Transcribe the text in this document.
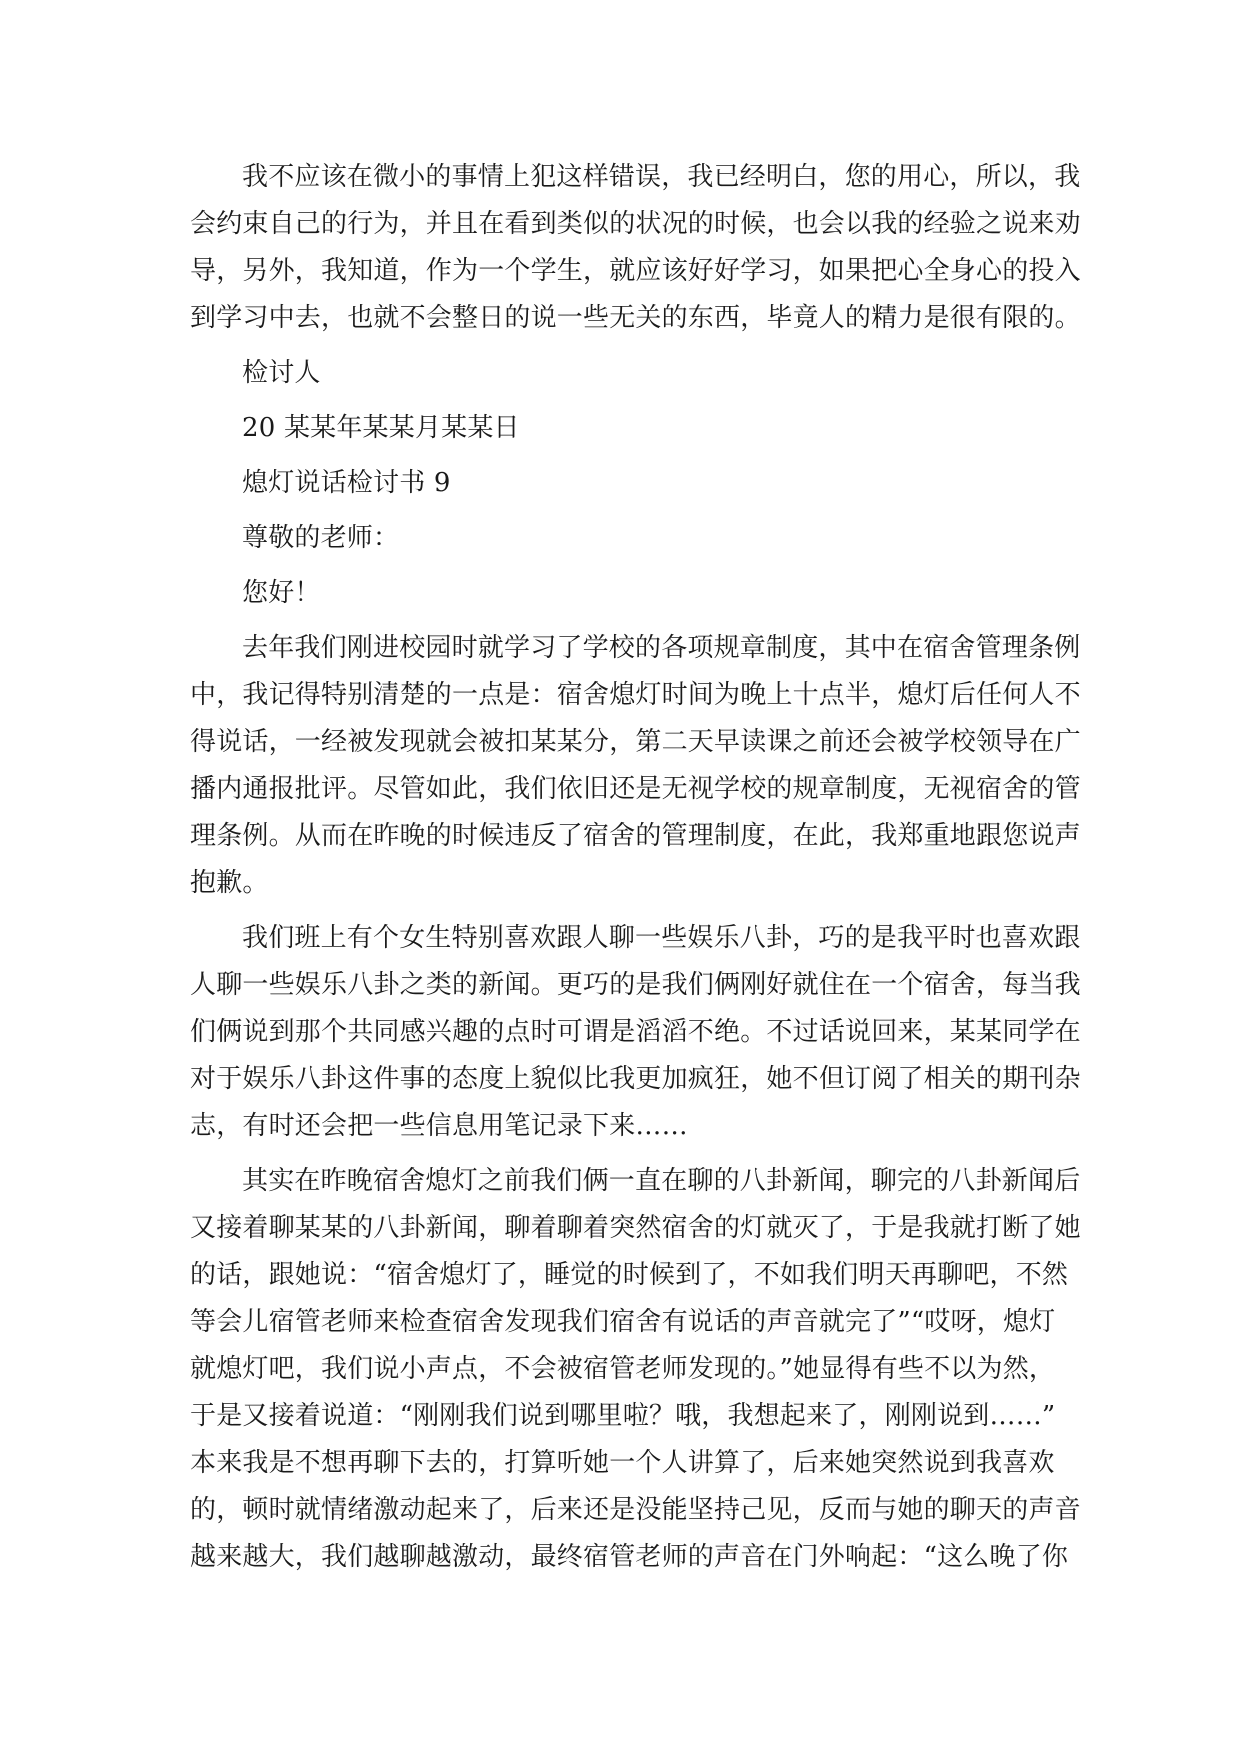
我不应该在微小的事情上犯这样错误，我已经明白，您的用心，所以，我
会约束自己的行为，并且在看到类似的状况的时候，也会以我的经验之说来劝
导，另外，我知道，作为一个学生，就应该好好学习，如果把心全身心的投入
到学习中去，也就不会整日的说一些无关的东西，毕竟人的精力是很有限的。
检讨人
20 某某年某某月某某日
熄灯说话检讨书 9
尊敬的老师：
您好！
去年我们刚进校园时就学习了学校的各项规章制度，其中在宿舍管理条例
中，我记得特别清楚的一点是：宿舍熄灯时间为晚上十点半，熄灯后任何人不
得说话，一经被发现就会被扣某某分，第二天早读课之前还会被学校领导在广
播内通报批评。尽管如此，我们依旧还是无视学校的规章制度，无视宿舍的管
理条例。从而在昨晚的时候违反了宿舍的管理制度，在此，我郑重地跟您说声
抱歉。
我们班上有个女生特别喜欢跟人聊一些娱乐八卦，巧的是我平时也喜欢跟
人聊一些娱乐八卦之类的新闻。更巧的是我们俩刚好就住在一个宿舍，每当我
们俩说到那个共同感兴趣的点时可谓是滔滔不绝。不过话说回来，某某同学在
对于娱乐八卦这件事的态度上貌似比我更加疯狂，她不但订阅了相关的期刊杂
志，有时还会把一些信息用笔记录下来……
其实在昨晚宿舍熄灯之前我们俩一直在聊的八卦新闻，聊完的八卦新闻后
又接着聊某某的八卦新闻，聊着聊着突然宿舍的灯就灭了，于是我就打断了她
的话，跟她说：“宿舍熄灯了，睡觉的时候到了，不如我们明天再聊吧，不然
等会儿宿管老师来检查宿舍发现我们宿舍有说话的声音就完了”“哎呀，熄灯
就熄灯吧，我们说小声点，不会被宿管老师发现的。”她显得有些不以为然，
于是又接着说道：“刚刚我们说到哪里啦？哦，我想起来了，刚刚说到……”
本来我是不想再聊下去的，打算听她一个人讲算了，后来她突然说到我喜欢
的，顿时就情绪激动起来了，后来还是没能坚持己见，反而与她的聊天的声音
越来越大，我们越聊越激动，最终宿管老师的声音在门外响起：“这么晚了你
